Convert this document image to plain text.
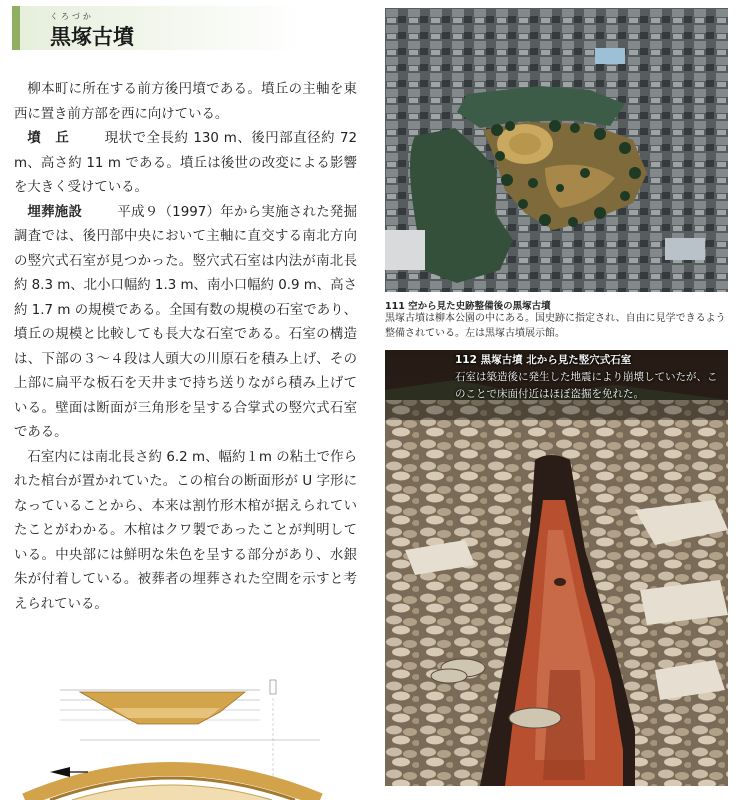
くろづか
黒塚古墳

柳本町に所在する前方後円墳である。墳丘の主軸を東西に置き前方部を西に向けている。

墳　丘	現状で全長約 130 m、後円部直径約 72 m、高さ約 11 m である。墳丘は後世の改変による影響を大きく受けている。

埋葬施設	平成９（1997）年から実施された発掘調査では、後円部中央において主軸に直交する南北方向の竪穴式石室が見つかった。竪穴式石室は内法が南北長約 8.3 m、北小口幅約 1.3 m、南小口幅約 0.9 m、高さ約 1.7 m の規模である。全国有数の規模の石室であり、墳丘の規模と比較しても長大な石室である。石室の構造は、下部の３～４段は人頭大の川原石を積み上げ、その上部に扁平な板石を天井まで持ち送りながら積み上げている。壁面は断面が三角形を呈する合掌式の竪穴式石室である。

石室内には南北長さ約 6.2 m、幅約１m の粘土で作られた棺台が置かれていた。この棺台の断面形が U 字形になっていることから、本来は割竹形木棺が据えられていたことがわかる。木棺はクワ製であったことが判明している。中央部には鮮明な朱色を呈する部分があり、水銀朱が付着している。被葬者の埋葬された空間を示すと考えられている。

111 空から見た史跡整備後の黒塚古墳
黒塚古墳は柳本公園の中にある。国史跡に指定され、自由に見学できるよう整備されている。左は黒塚古墳展示館。
112 黒塚古墳 北から見た竪穴式石室
石室は築造後に発生した地震により崩壊していたが、このことで床面付近はほぼ盗掘を免れた。
